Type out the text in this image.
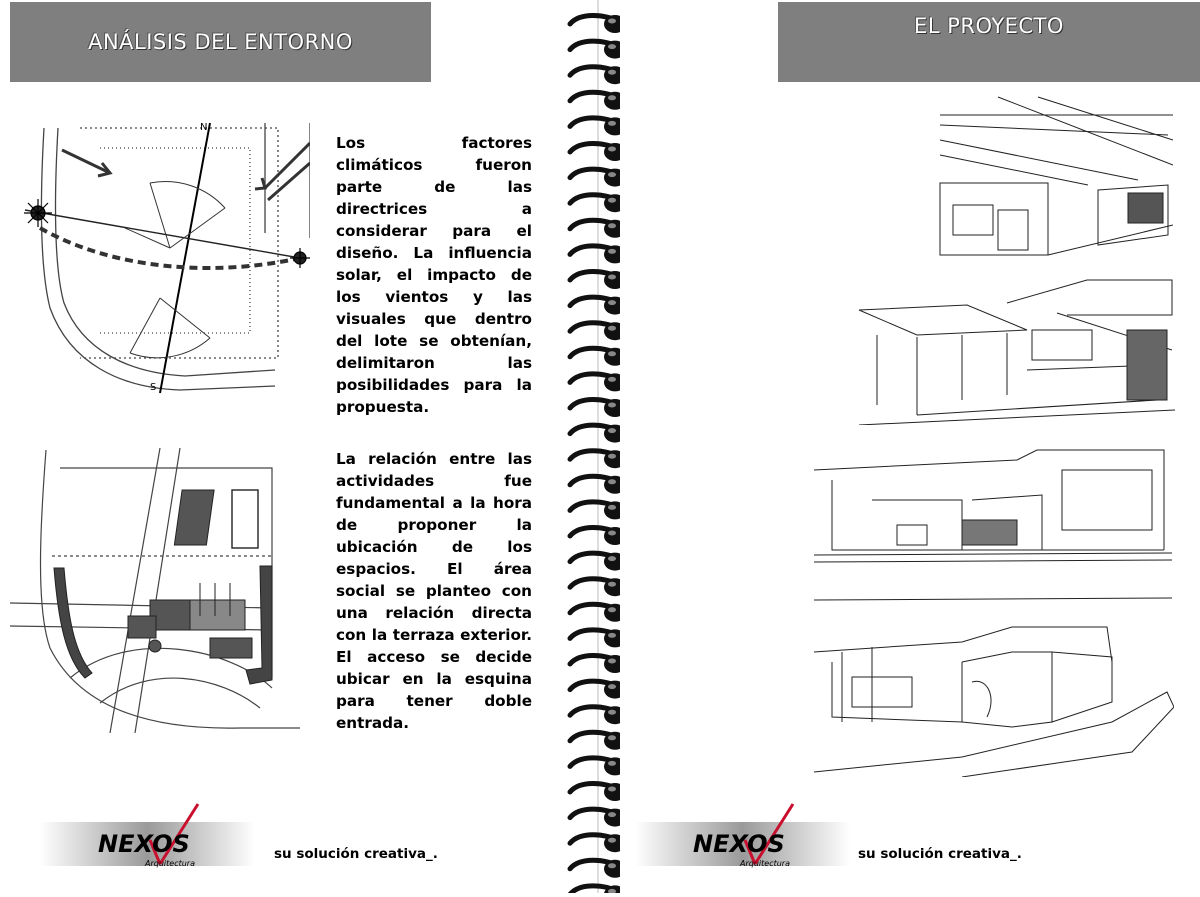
ANÁLISIS DEL ENTORNO
N
S

Los factores climáticos fueron parte de las directrices a considerar para el diseño. La influencia solar, el impacto de los vientos y las visuales que dentro del lote se obtenían, delimitaron las posibilidades para la propuesta.

La relación entre las actividades fue fundamental a la hora de proponer la ubicación de los espacios. El área social se planteo con una relación directa con la terraza exterior. El acceso se decide ubicar en la esquina para tener doble entrada.

NEXOS
Arquitectura
su solución creativa_.
EL PROYECTO
NEXOS
Arquitectura
su solución creativa_.
